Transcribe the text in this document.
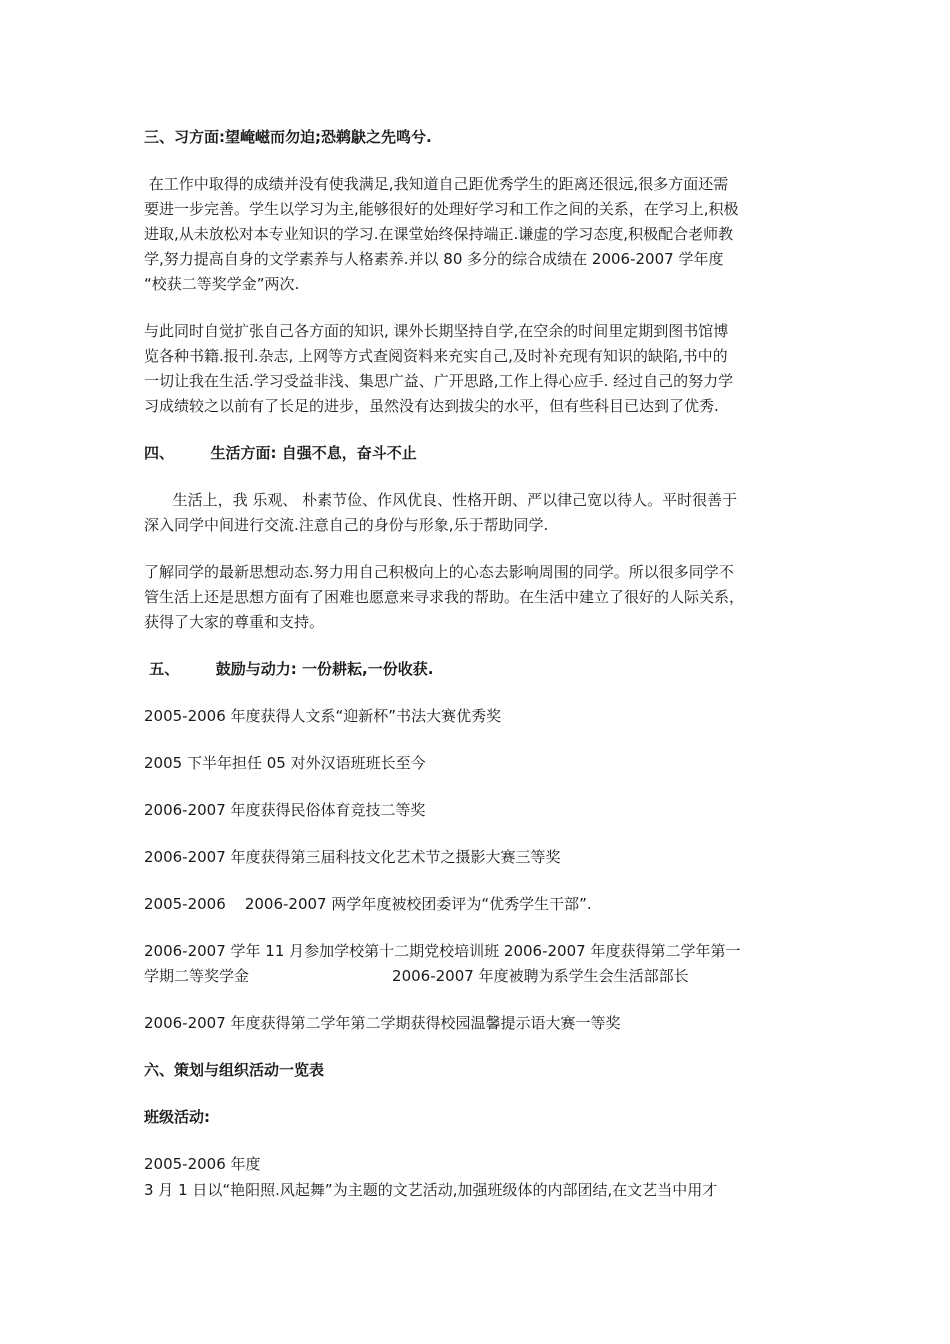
三、习方面:望崦嵫而勿迫;恐鹈鴃之先鸣兮.
在工作中取得的成绩并没有使我满足,我知道自己距优秀学生的距离还很远,很多方面还需
要进一步完善。学生以学习为主,能够很好的处理好学习和工作之间的关系，在学习上,积极
进取,从未放松对本专业知识的学习.在课堂始终保持端正.谦虚的学习态度,积极配合老师教
学,努力提高自身的文学素养与人格素养.并以 80 多分的综合成绩在 2006-2007 学年度
“校获二等奖学金”两次.
与此同时自觉扩张自己各方面的知识, 课外长期坚持自学,在空余的时间里定期到图书馆博
览各种书籍.报刊.杂志, 上网等方式查阅资料来充实自己,及时补充现有知识的缺陷,书中的
一切让我在生活.学习受益非浅、集思广益、广开思路,工作上得心应手. 经过自己的努力学
习成绩较之以前有了长足的进步，虽然没有达到拔尖的水平，但有些科目已达到了优秀.
四、       生活方面: 自强不息，奋斗不止
生活上，我 乐观、 朴素节俭、作风优良、性格开朗、严以律己宽以待人。平时很善于
深入同学中间进行交流.注意自己的身份与形象,乐于帮助同学.
了解同学的最新思想动态.努力用自己积极向上的心态去影响周围的同学。所以很多同学不
管生活上还是思想方面有了困难也愿意来寻求我的帮助。在生活中建立了很好的人际关系，
获得了大家的尊重和支持。
五、       鼓励与动力: 一份耕耘,一份收获.
2005-2006 年度获得人文系“迎新杯”书法大赛优秀奖
2005 下半年担任 05 对外汉语班班长至今
2006-2007 年度获得民俗体育竞技二等奖
2006-2007 年度获得第三届科技文化艺术节之摄影大赛三等奖
2005-2006    2006-2007 两学年度被校团委评为“优秀学生干部”.
2006-2007 学年 11 月参加学校第十二期党校培训班 2006-2007 年度获得第二学年第一
学期二等奖学金                              2006-2007 年度被聘为系学生会生活部部长
2006-2007 年度获得第二学年第二学期获得校园温馨提示语大赛一等奖
六、策划与组织活动一览表
班级活动:
2005-2006 年度
3 月 1 日以“艳阳照.风起舞”为主题的文艺活动,加强班级体的内部团结,在文艺当中用才
